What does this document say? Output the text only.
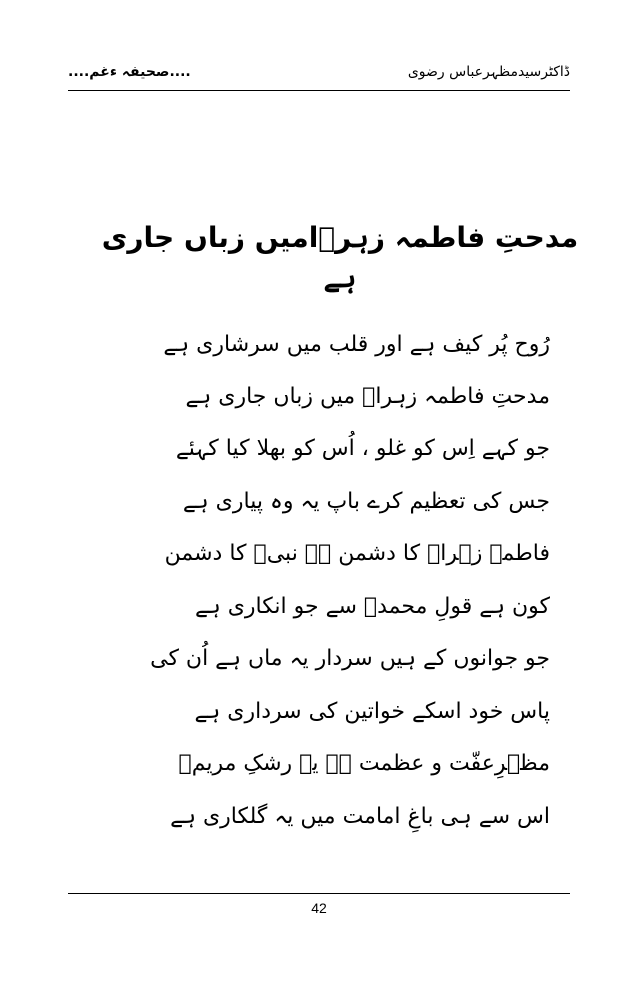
....صحیفہ ءغم....	ڈاکٹرسیدمظہرعباس رضوی
مدحتِ فاطمہ زہرؑامیں زباں جاری ہے
رُوح پُر کیف ہے اور قلب میں سرشاری ہے
مدحتِ فاطمہ زہراؑ میں زباں جاری ہے
جو کہے اِس کو غلو ، اُس کو بھلا کیا کہئے
جس کی تعظیم کرے باپ یہ وہ پیاری ہے
فاطمہ زہراؑ کا دشمن ہے نبیؐ کا دشمن
کون ہے قولِ محمدؐ سے جو انکاری ہے
جو جوانوں کے ہیں سردار یہ ماں ہے اُن کی
پاس خود اسکے خواتین کی سرداری ہے
مظہرِعفّت و عظمت ہے یہ رشکِ مریمؑ
اس سے ہی باغِ امامت میں یہ گلکاری ہے
42
